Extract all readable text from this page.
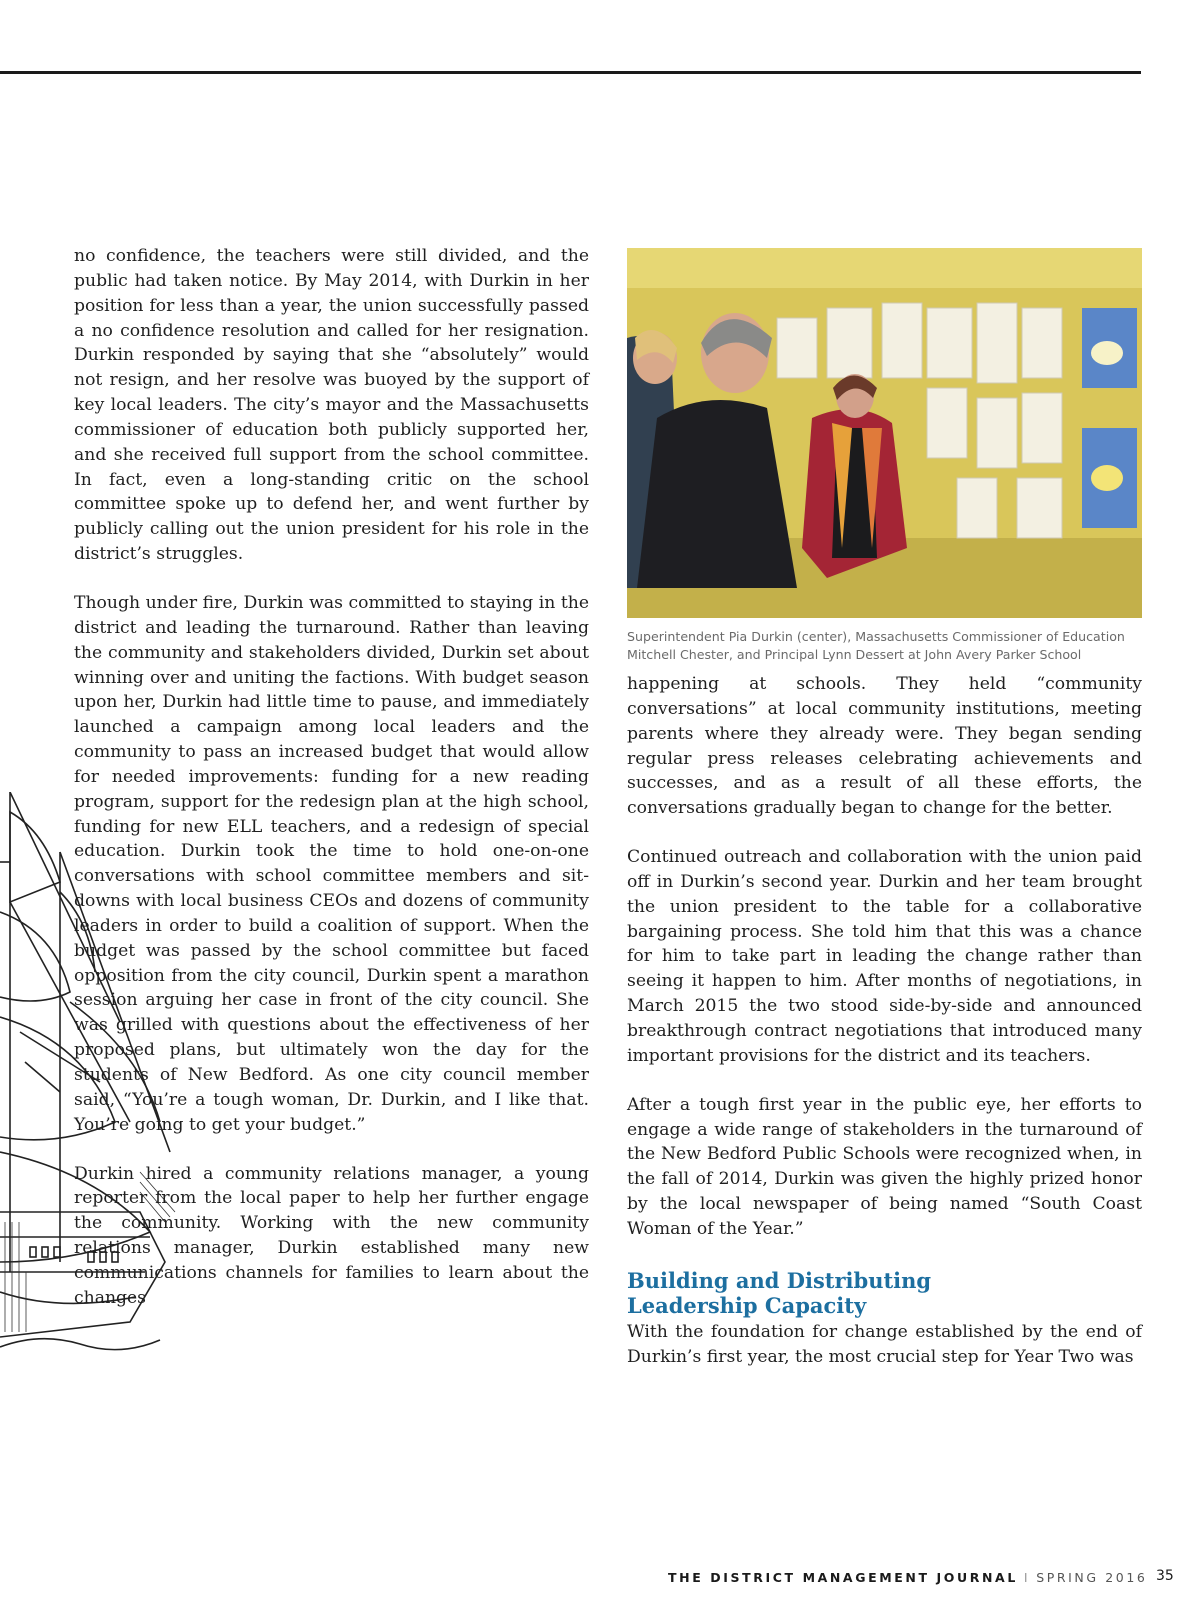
no confidence, the teachers were still divided, and the public had taken notice. By May 2014, with Durkin in her position for less than a year, the union successfully passed a no confidence resolution and called for her resignation. Durkin responded by saying that she “absolutely” would not resign, and her resolve was buoyed by the support of key local leaders. The city’s mayor and the Massachusetts commissioner of education both publicly supported her, and she received full support from the school committee. In fact, even a long-standing critic on the school committee spoke up to defend her, and went further by publicly calling out the union president for his role in the district’s struggles.

Though under fire, Durkin was committed to staying in the district and leading the turnaround. Rather than leaving the community and stakeholders divided, Durkin set about winning over and uniting the factions. With budget season upon her, Durkin had little time to pause, and immediately launched a campaign among local leaders and the community to pass an increased budget that would allow for needed improvements: funding for a new reading program, support for the redesign plan at the high school, funding for new ELL teachers, and a redesign of special education. Durkin took the time to hold one-on-one conversations with school committee members and sit-downs with local business CEOs and dozens of community leaders in order to build a coalition of support. When the budget was passed by the school committee but faced opposition from the city council, Durkin spent a marathon session arguing her case in front of the city council. She was grilled with questions about the effectiveness of her proposed plans, but ultimately won the day for the students of New Bedford. As one city council member said, “You’re a tough woman, Dr. Durkin, and I like that. You’re going to get your budget.”

Durkin hired a community relations manager, a young reporter from the local paper to help her further engage the community. Working with the new community relations manager, Durkin established many new communications channels for families to learn about the changes

Superintendent Pia Durkin (center), Massachusetts Commissioner of Education Mitchell Chester, and Principal Lynn Dessert at John Avery Parker School

happening at schools. They held “community conversations” at local community institutions, meeting parents where they already were. They began sending regular press releases celebrating achievements and successes, and as a result of all these efforts, the conversations gradually began to change for the better.

Continued outreach and collaboration with the union paid off in Durkin’s second year. Durkin and her team brought the union president to the table for a collaborative bargaining process. She told him that this was a chance for him to take part in leading the change rather than seeing it happen to him. After months of negotiations, in March 2015 the two stood side-by-side and announced breakthrough contract negotiations that introduced many important provisions for the district and its teachers.

After a tough first year in the public eye, her efforts to engage a wide range of stakeholders in the turnaround of the New Bedford Public Schools were recognized when, in the fall of 2014, Durkin was given the highly prized honor by the local newspaper of being named “South Coast Woman of the Year.”

Building and Distributing Leadership Capacity

With the foundation for change established by the end of Durkin’s first year, the most crucial step for Year Two was

THE DISTRICT MANAGEMENT JOURNAL I SPRING 2016 35
